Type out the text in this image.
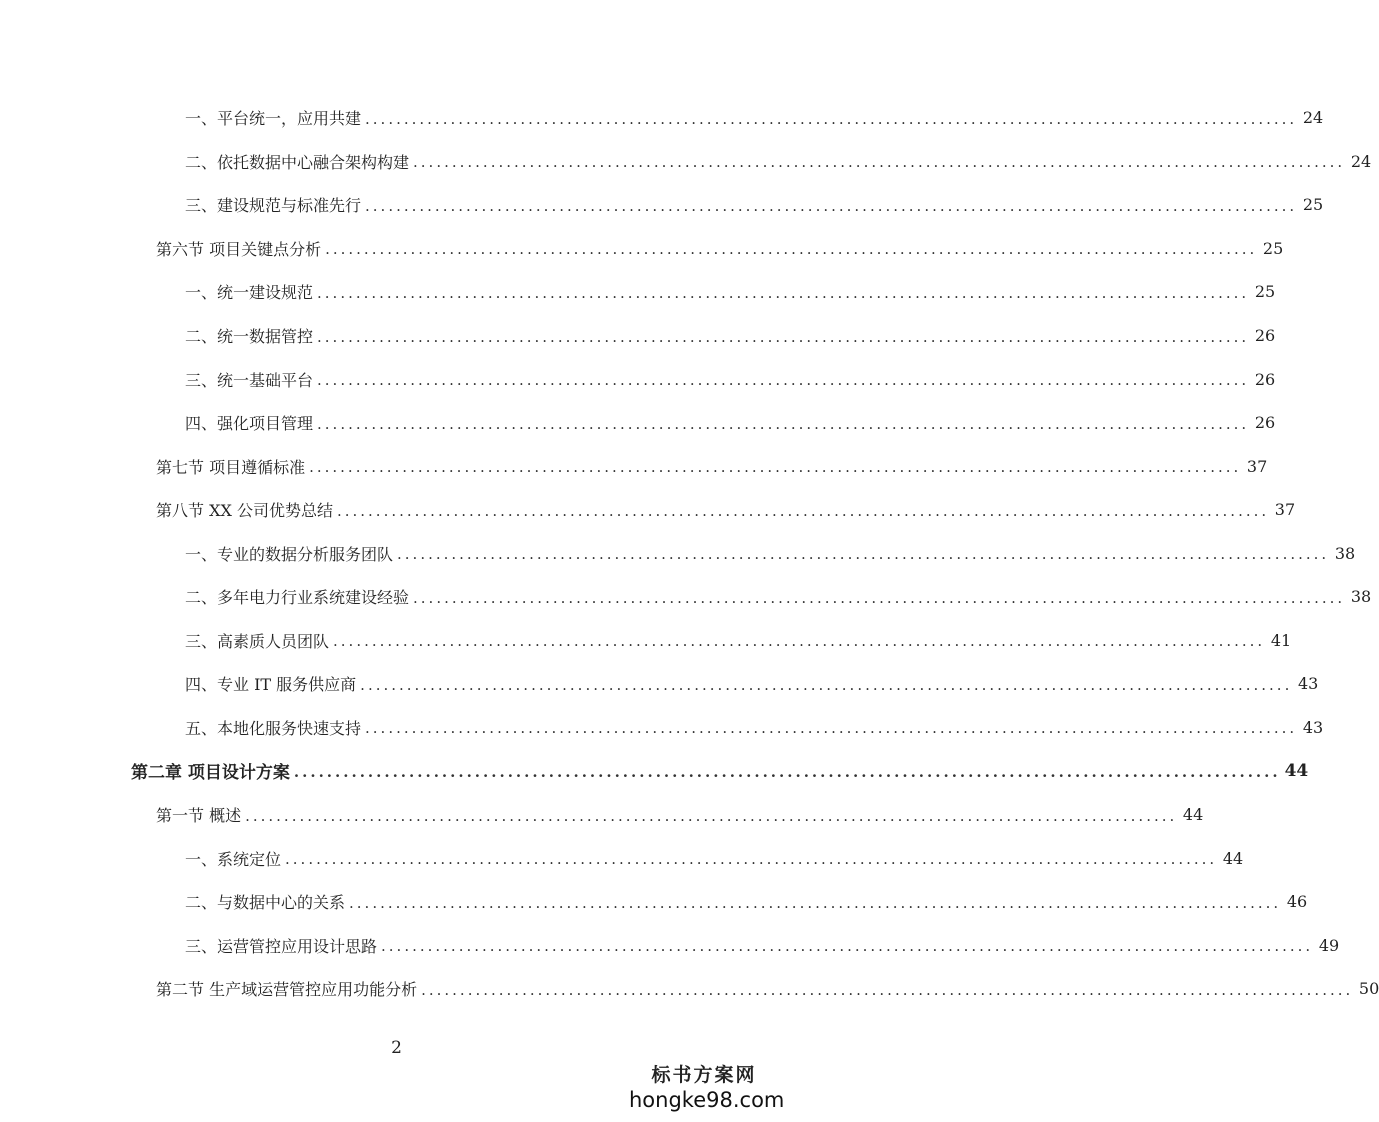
一、平台统一，应用共建 ........................................................................................................................ 24
二、依托数据中心融合架构构建 ........................................................................................................................ 24
三、建设规范与标准先行 ........................................................................................................................ 25
第六节 项目关键点分析 ........................................................................................................................ 25
一、统一建设规范 ........................................................................................................................ 25
二、统一数据管控 ........................................................................................................................ 26
三、统一基础平台 ........................................................................................................................ 26
四、强化项目管理 ........................................................................................................................ 26
第七节 项目遵循标准 ........................................................................................................................ 37
第八节 XX 公司优势总结 ........................................................................................................................ 37
一、专业的数据分析服务团队 ........................................................................................................................ 38
二、多年电力行业系统建设经验 ........................................................................................................................ 38
三、高素质人员团队 ........................................................................................................................ 41
四、专业 IT 服务供应商 ........................................................................................................................ 43
五、本地化服务快速支持 ........................................................................................................................ 43
第二章 项目设计方案 ........................................................................................................................ 44
第一节 概述 ........................................................................................................................ 44
一、系统定位 ........................................................................................................................ 44
二、与数据中心的关系 ........................................................................................................................ 46
三、运营管控应用设计思路 ........................................................................................................................ 49
第二节 生产域运营管控应用功能分析 ........................................................................................................................ 50
2
标书方案网
hongke98.com
